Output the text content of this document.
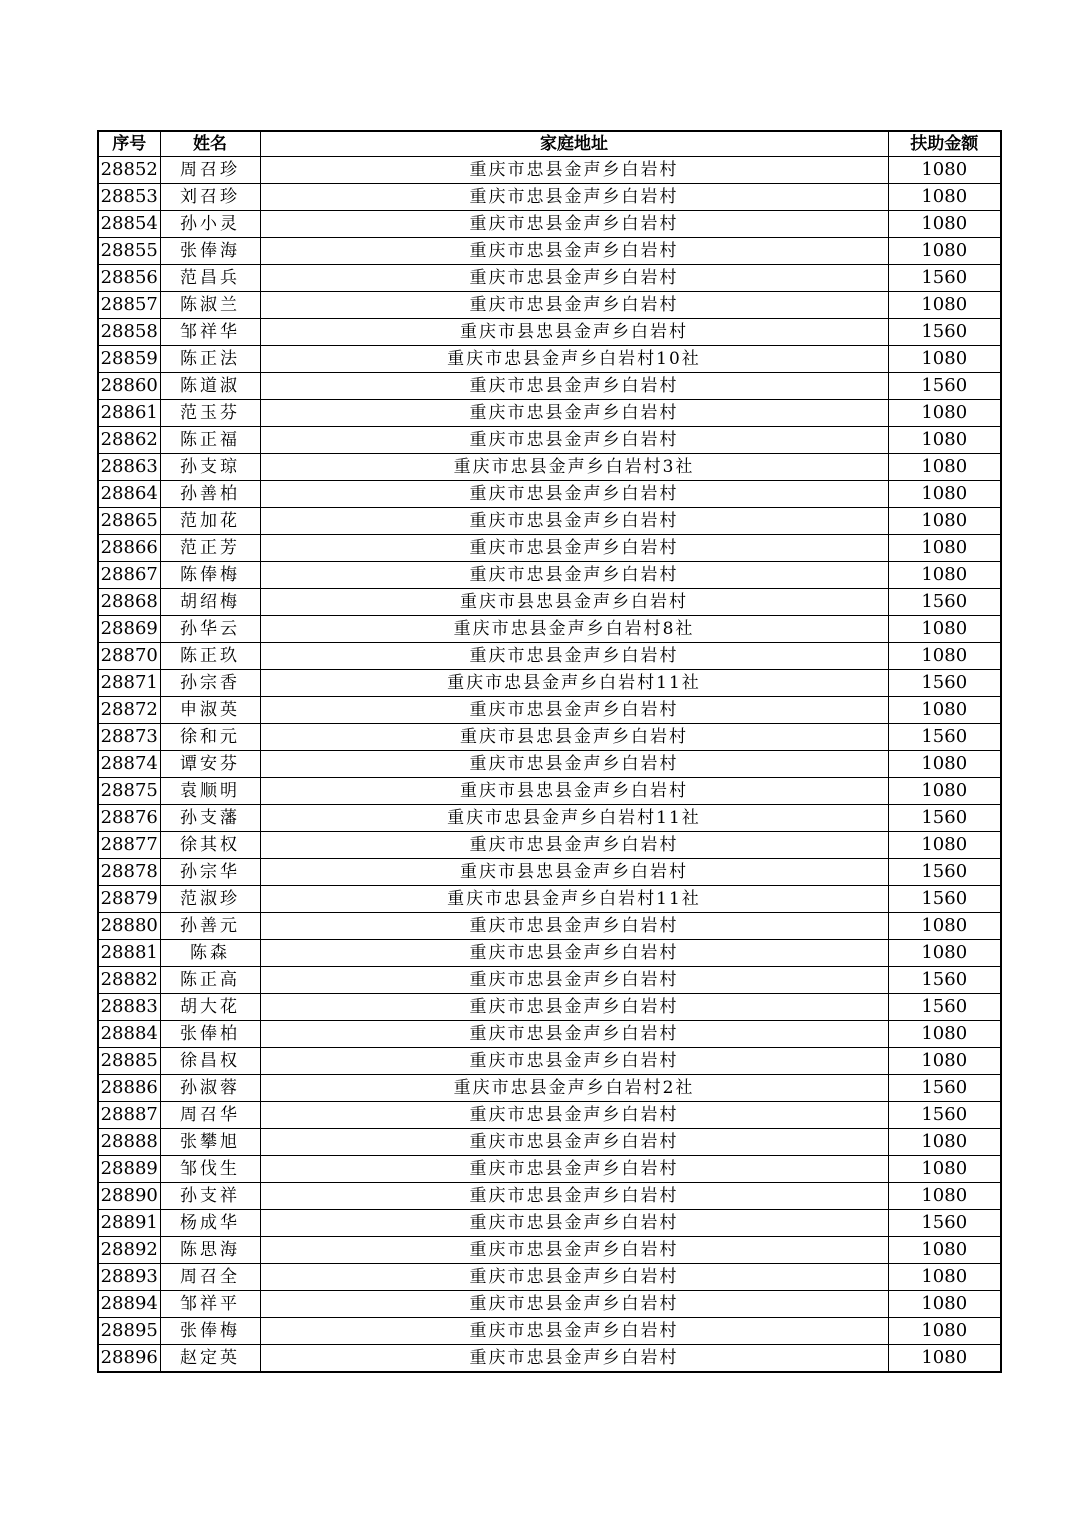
序号	姓名	家庭地址	扶助金额
28852	周召珍	重庆市忠县金声乡白岩村	1080
28853	刘召珍	重庆市忠县金声乡白岩村	1080
28854	孙小灵	重庆市忠县金声乡白岩村	1080
28855	张俸海	重庆市忠县金声乡白岩村	1080
28856	范昌兵	重庆市忠县金声乡白岩村	1560
28857	陈淑兰	重庆市忠县金声乡白岩村	1080
28858	邹祥华	重庆市县忠县金声乡白岩村	1560
28859	陈正法	重庆市忠县金声乡白岩村10社	1080
28860	陈道淑	重庆市忠县金声乡白岩村	1560
28861	范玉芬	重庆市忠县金声乡白岩村	1080
28862	陈正福	重庆市忠县金声乡白岩村	1080
28863	孙支琼	重庆市忠县金声乡白岩村3社	1080
28864	孙善柏	重庆市忠县金声乡白岩村	1080
28865	范加花	重庆市忠县金声乡白岩村	1080
28866	范正芳	重庆市忠县金声乡白岩村	1080
28867	陈俸梅	重庆市忠县金声乡白岩村	1080
28868	胡绍梅	重庆市县忠县金声乡白岩村	1560
28869	孙华云	重庆市忠县金声乡白岩村8社	1080
28870	陈正玖	重庆市忠县金声乡白岩村	1080
28871	孙宗香	重庆市忠县金声乡白岩村11社	1560
28872	申淑英	重庆市忠县金声乡白岩村	1080
28873	徐和元	重庆市县忠县金声乡白岩村	1560
28874	谭安芬	重庆市忠县金声乡白岩村	1080
28875	袁顺明	重庆市县忠县金声乡白岩村	1080
28876	孙支藩	重庆市忠县金声乡白岩村11社	1560
28877	徐其权	重庆市忠县金声乡白岩村	1080
28878	孙宗华	重庆市县忠县金声乡白岩村	1560
28879	范淑珍	重庆市忠县金声乡白岩村11社	1560
28880	孙善元	重庆市忠县金声乡白岩村	1080
28881	陈森	重庆市忠县金声乡白岩村	1080
28882	陈正高	重庆市忠县金声乡白岩村	1560
28883	胡大花	重庆市忠县金声乡白岩村	1560
28884	张俸柏	重庆市忠县金声乡白岩村	1080
28885	徐昌权	重庆市忠县金声乡白岩村	1080
28886	孙淑蓉	重庆市忠县金声乡白岩村2社	1560
28887	周召华	重庆市忠县金声乡白岩村	1560
28888	张攀旭	重庆市忠县金声乡白岩村	1080
28889	邹伐生	重庆市忠县金声乡白岩村	1080
28890	孙支祥	重庆市忠县金声乡白岩村	1080
28891	杨成华	重庆市忠县金声乡白岩村	1560
28892	陈思海	重庆市忠县金声乡白岩村	1080
28893	周召全	重庆市忠县金声乡白岩村	1080
28894	邹祥平	重庆市忠县金声乡白岩村	1080
28895	张俸梅	重庆市忠县金声乡白岩村	1080
28896	赵定英	重庆市忠县金声乡白岩村	1080
